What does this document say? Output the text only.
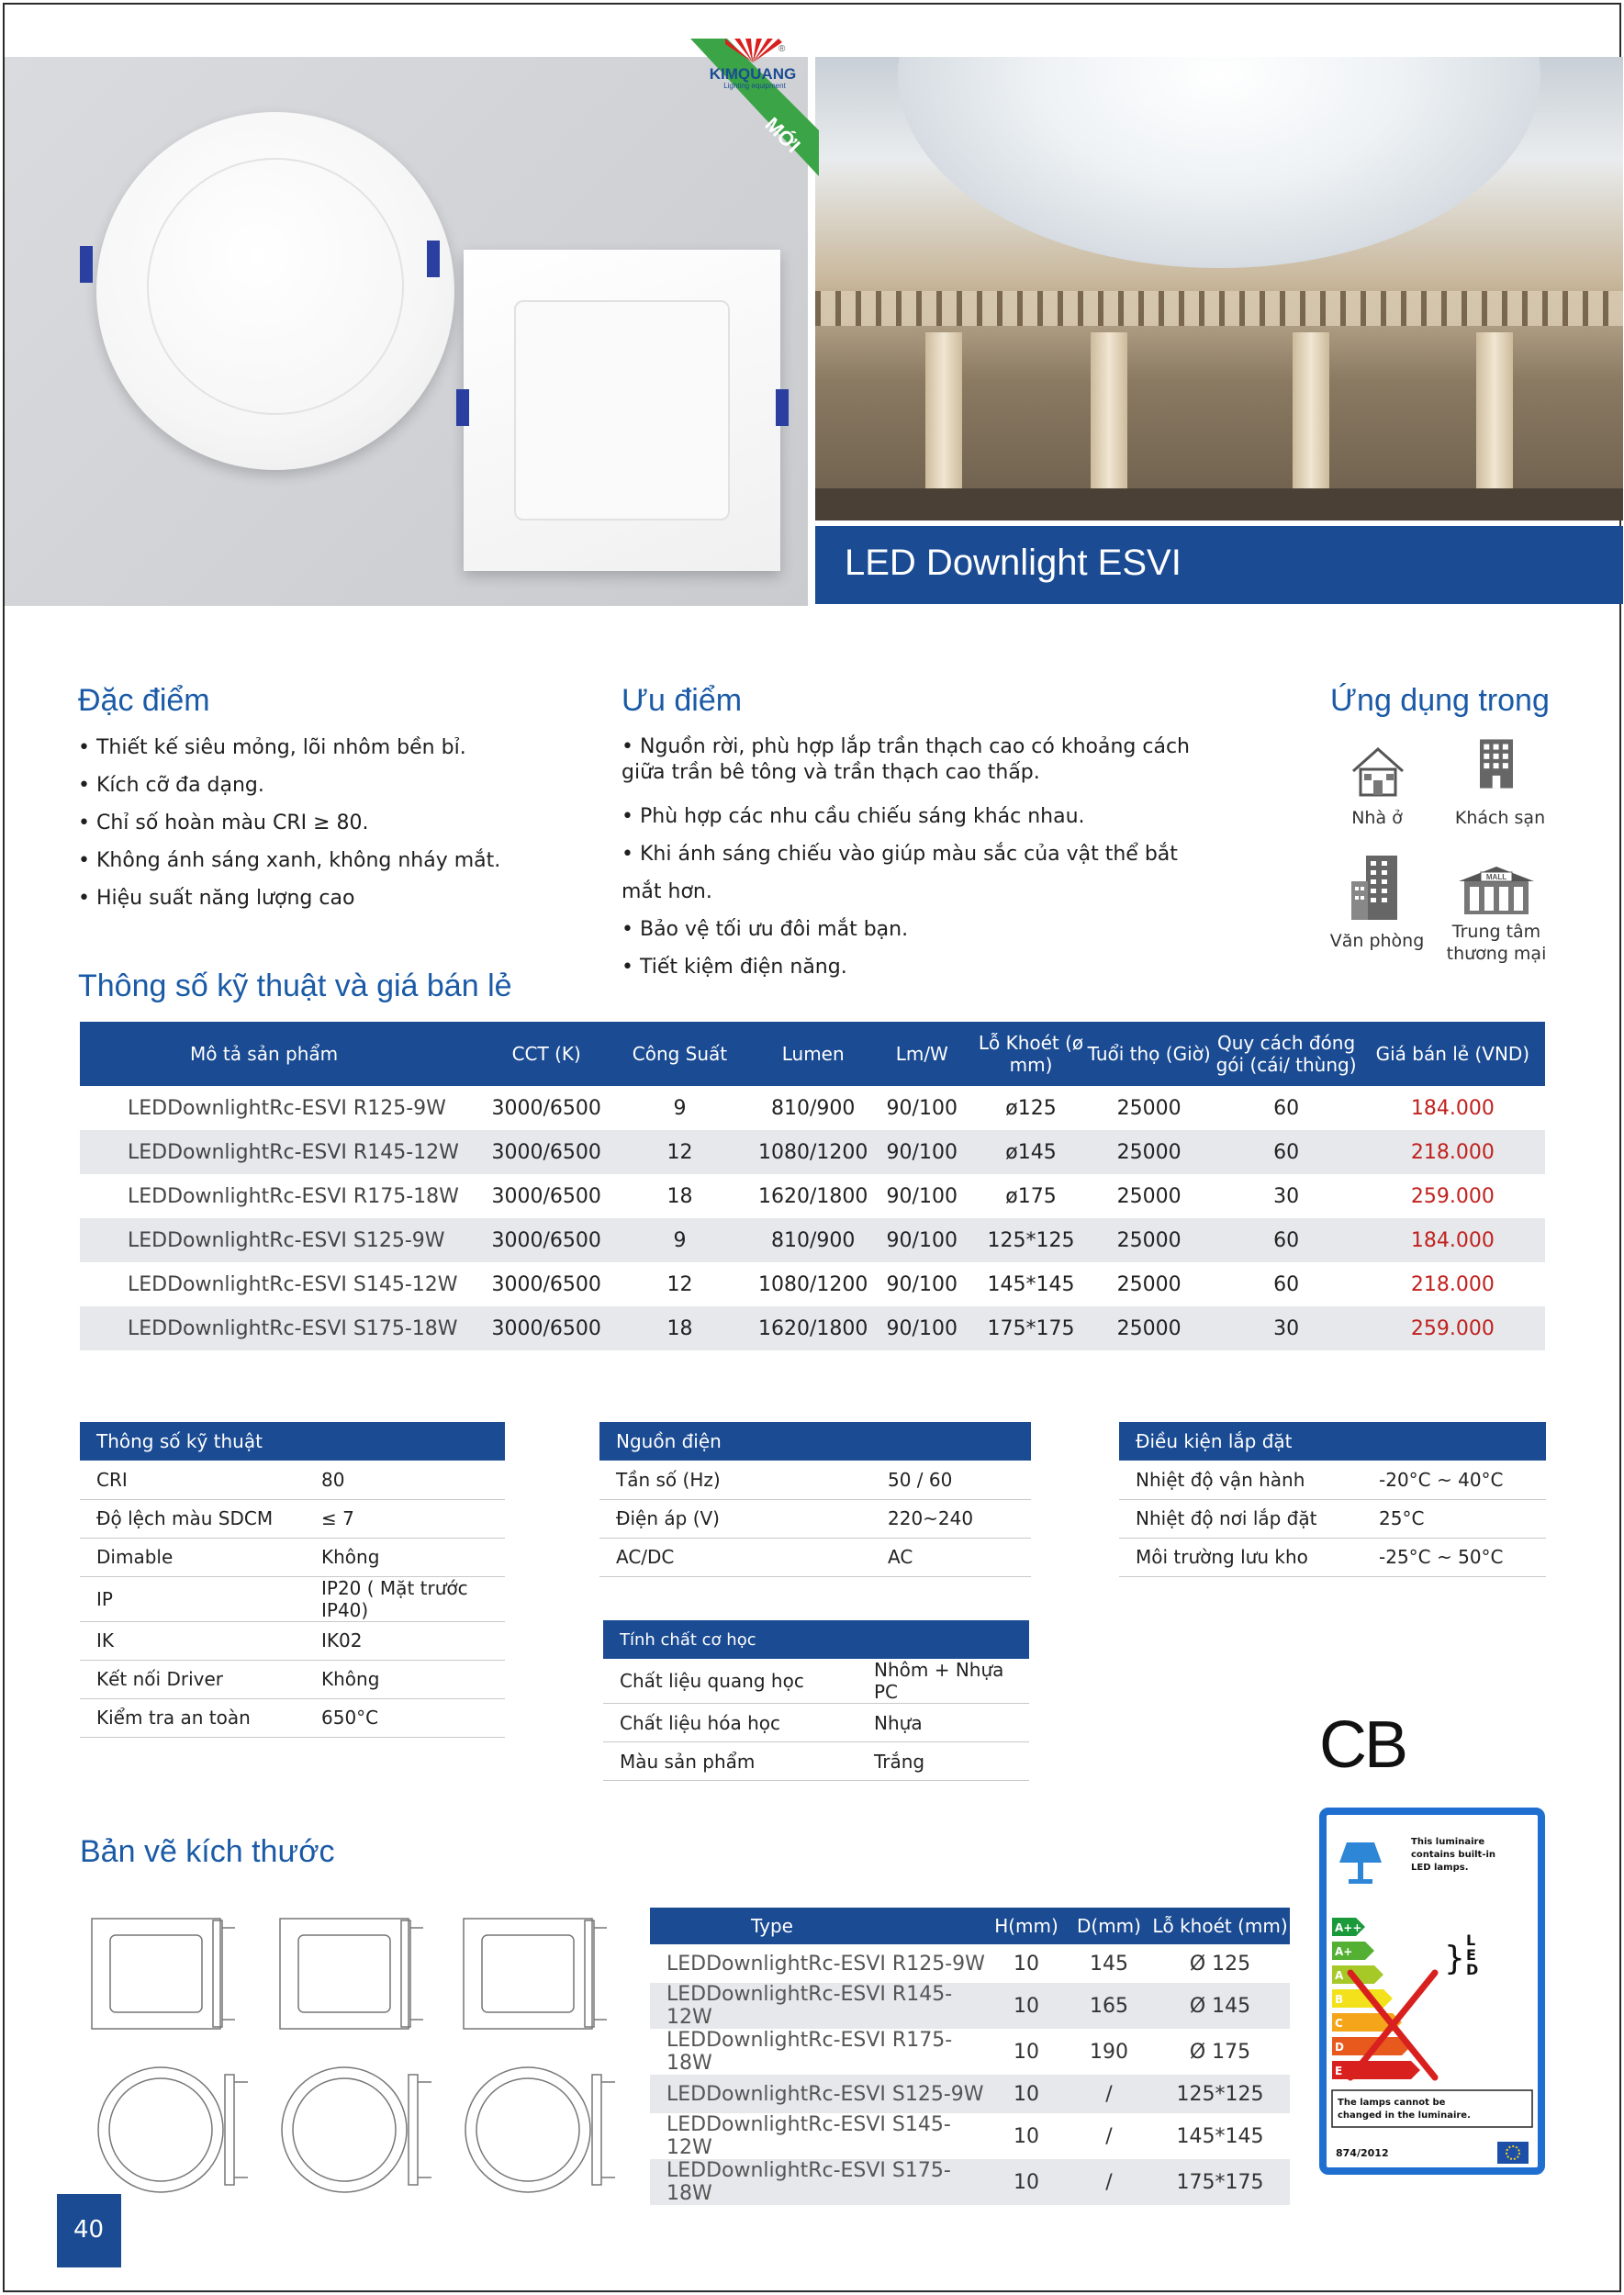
LED Downlight ESVI
MỚI
KIMQUANG
Lighting equipment
®
Đặc điểm
• Thiết kế siêu mỏng, lõi nhôm bền bỉ.
• Kích cỡ đa dạng.
• Chỉ số hoàn màu CRI ≥ 80.
• Không ánh sáng xanh, không nháy mắt.
• Hiệu suất năng lượng cao
Ưu điểm
• Nguồn rời, phù hợp lắp trần thạch cao có khoảng cách giữa trần bê tông và trần thạch cao thấp.
• Phù hợp các nhu cầu chiếu sáng khác nhau.
• Khi ánh sáng chiếu vào giúp màu sắc của vật thể bắt mắt hơn.
• Bảo vệ tối ưu đôi mắt bạn.
• Tiết kiệm điện năng.
Ứng dụng trong
Nhà ở	Khách sạn
Văn phòng
MALL
Trung tâm thương mại
Thông số kỹ thuật và giá bán lẻ
Mô tả sản phẩm	CCT (K)	Công Suất	Lumen	Lm/W	Lỗ Khoét (ø mm)	Tuổi thọ (Giờ)	Quy cách đóng gói (cái/ thùng)	Giá bán lẻ (VND)
LEDDownlightRc-ESVI R125-9W	3000/6500	9	810/900	90/100	ø125	25000	60	184.000
LEDDownlightRc-ESVI R145-12W	3000/6500	12	1080/1200	90/100	ø145	25000	60	218.000
LEDDownlightRc-ESVI R175-18W	3000/6500	18	1620/1800	90/100	ø175	25000	30	259.000
LEDDownlightRc-ESVI S125-9W	3000/6500	9	810/900	90/100	125*125	25000	60	184.000
LEDDownlightRc-ESVI S145-12W	3000/6500	12	1080/1200	90/100	145*145	25000	60	218.000
LEDDownlightRc-ESVI S175-18W	3000/6500	18	1620/1800	90/100	175*175	25000	30	259.000
Thông số kỹ thuật	
CRI	80
Độ lệch màu SDCM	≤ 7
Dimable	Không
IP	IP20 ( Mặt trước IP40)
IK	IK02
Kết nối Driver	Không
Kiểm tra an toàn	650°C
Nguồn điện	
Tần số (Hz)	50 / 60
Điện áp (V)	220~240
AC/DC	AC
Tính chất cơ học	
Chất liệu quang học	Nhôm + Nhựa PC
Chất liệu hóa học	Nhựa
Màu sản phẩm	Trắng
Điều kiện lắp đặt	
Nhiệt độ vận hành	-20°C ~ 40°C
Nhiệt độ nơi lắp đặt	25°C
Môi trường lưu kho	-25°C ~ 50°C
CB
Bản vẽ kích thước
Type	H(mm)	D(mm)	Lỗ khoét (mm)
LEDDownlightRc-ESVI R125-9W	10	145	Ø 125
LEDDownlightRc-ESVI R145-12W	10	165	Ø 145
LEDDownlightRc-ESVI R175-18W	10	190	Ø 175
LEDDownlightRc-ESVI S125-9W	10	/	125*125
LEDDownlightRc-ESVI S145-12W	10	/	145*145
LEDDownlightRc-ESVI S175-18W	10	/	175*175
This luminaire contains built-in LED lamps.
A++
A+
A
B
C
D
E
} L
E
D
The lamps cannot be changed in the luminaire.
874/2012
40
